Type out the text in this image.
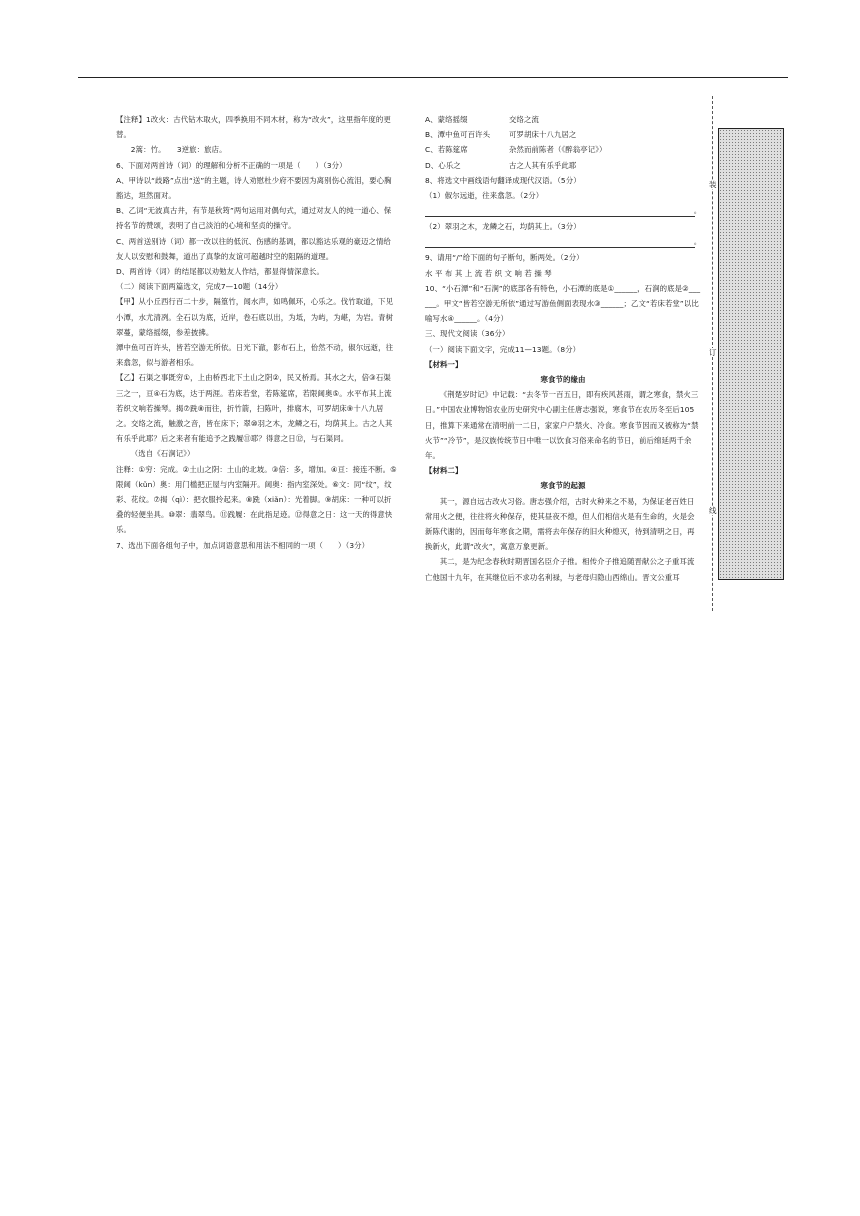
【注释】1改火：古代钻木取火，四季换用不同木材，称为“改火”，这里指年度的更替。

2篙：竹。　　3逆旅：旅店。

6、下面对两首诗（词）的理解和分析不正确的一项是（　　）（3分）

A、甲诗以“歧路”点出“送”的主题，诗人劝慰杜少府不要因为离别伤心流泪，要心胸豁达，坦然面对。

B、乙词“无波真古井，有节是秋筠”两句运用对偶句式，通过对友人的纯一道心、保持名节的赞颂，表明了自己淡泊的心境和坚贞的操守。

C、两首送别诗（词）都一改以往的低沉、伤感的基调，都以豁达乐观的豪迈之情给友人以安慰和鼓舞，道出了真挚的友谊可超越时空的阻隔的道理。

D、两首诗（词）的结尾都以劝勉友人作结，都显得情深意长。

（二）阅读下面两篇选文，完成7—10题（14分）

【甲】从小丘西行百二十步，隔篁竹，闻水声，如鸣佩环，心乐之。伐竹取道，下见小潭，水尤清冽。全石以为底，近岸，卷石底以出，为坻，为屿，为嵁，为岩。青树翠蔓，蒙络摇缀，参差披拂。

潭中鱼可百许头，皆若空游无所依。日光下澈，影布石上，佁然不动，俶尔远逝，往来翕忽，似与游者相乐。

【乙】石渠之事既穷①，上由桥西北下土山之阴②，民又桥焉。其水之大，倍③石渠三之一，亘④石为底，达于两涯。若床若堂，若陈筵席，若限阃奥⑤。水平布其上流若织文响若操琴。揭⑦跣⑧而往，折竹箭，扫陈叶，排腐木，可罗胡床⑨十八九居之。交络之流，触激之音，皆在床下；翠⑩羽之木，龙鳞之石，均荫其上。古之人其有乐乎此耶？后之来者有能追予之践履⑪耶？得意之日⑫，与石渠同。

（选自《石涧记》）

注释：①穷：完成。②土山之阴：土山的北坡。③倍：多，增加。④亘：接连不断。⑤限阃（kǔn）奥：用门槛把正屋与内室隔开。阃奥：指内室深处。⑥文：同“纹”，纹彩、花纹。⑦揭（qì）：把衣服拎起来。⑧跣（xiǎn）：光着脚。⑨胡床：一种可以折叠的轻便坐具。⑩翠：翡翠鸟。⑪践履：在此指足迹。⑫得意之日：这一天的得意快乐。

7、选出下面各组句子中，加点词语意思和用法不相同的一项（　　）（3分）

A、蒙络摇缀	交络之流
B、潭中鱼可百许头	可罗胡床十八九居之
C、若陈筵席	杂然而前陈者（《醉翁亭记》）
D、心乐之	古之人其有乐乎此耶

8、将选文中画线语句翻译成现代汉语。（5分）

（1）俶尔远逝，往来翕忽。（2分）

。

（2）翠羽之木，龙鳞之石，均荫其上。（3分）

。

9、请用“/”给下面的句子断句，断两处。（2分）

水 平 布 其 上 流 若 织 文 响 若 操 琴

10、“小石潭”和“石涧”的底部各有特色，小石潭的底是①______，石涧的底是②______。甲文“皆若空游无所依”通过写游鱼侧面表现水③______；乙文“若床若堂”以比喻写水④______。（4分）

三、现代文阅读（36分）

（一）阅读下面文字，完成11—13题。（8分）

【材料一】

寒食节的缘由

《荆楚岁时记》中记载：“去冬节一百五日，即有疾风甚雨，谓之寒食，禁火三日。”中国农业博物馆农业历史研究中心副主任唐志强说，寒食节在农历冬至后105日，推算下来通常在清明前一二日，家家户户禁火、冷食。寒食节因而又被称为“禁火节”“冷节”，是汉族传统节日中唯一以饮食习俗来命名的节日，前后绵延两千余年。

【材料二】

寒食节的起源

其一，源自远古改火习俗。唐志强介绍，古时火种来之不易，为保证老百姓日常用火之便，往往将火种保存，使其昼夜不熄，但人们相信火是有生命的，火是会新陈代谢的，因而每年寒食之期，需将去年保存的旧火种熄灭，待到清明之日，再换新火，此谓“改火”，寓意万象更新。

其二，是为纪念春秋时期晋国名臣介子推。相传介子推追随晋献公之子重耳流亡他国十九年，在其继位后不求功名利禄，与老母归隐山西绵山。晋文公重耳

装
订
线
